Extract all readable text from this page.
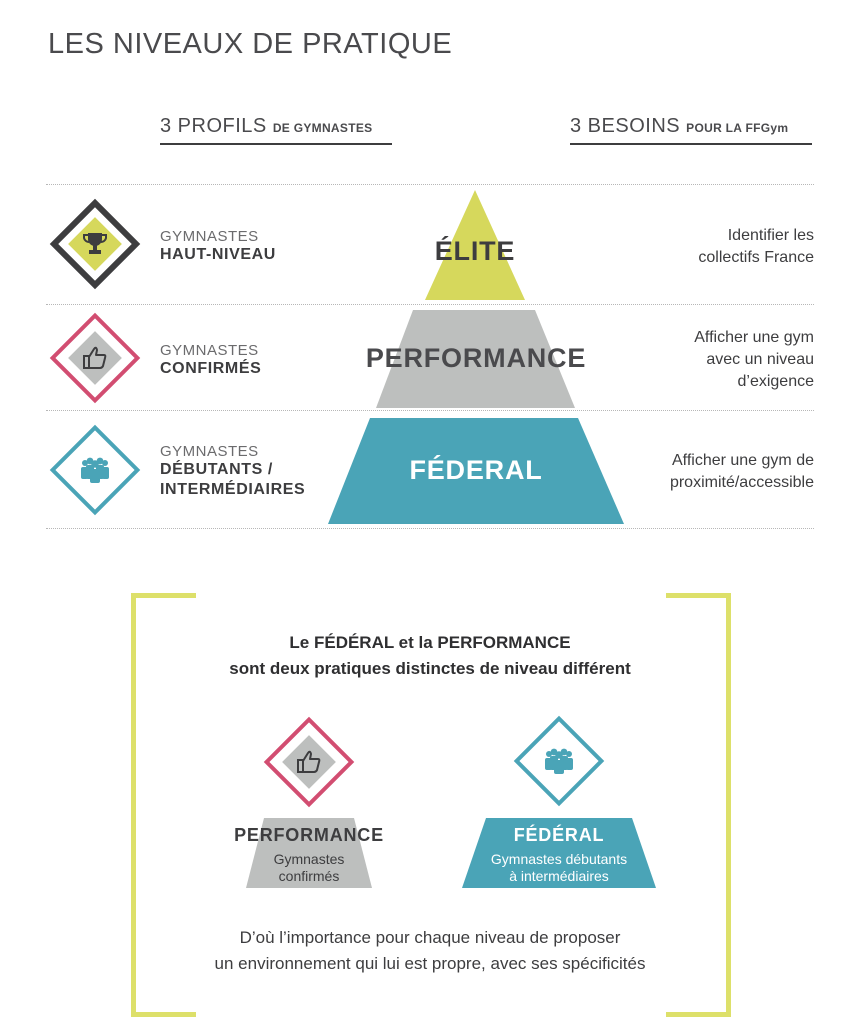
LES NIVEAUX DE PRATIQUE
3 PROFILS DE GYMNASTES	3 BESOINS POUR LA FFGym
GYMNASTES
HAUT-NIVEAU
GYMNASTES
CONFIRMÉS
GYMNASTES
DÉBUTANTS /
INTERMÉDIAIRES
ÉLITE
PERFORMANCE
FÉDERAL
Identifier les
collectifs France
Afficher une gym
avec un niveau
d’exigence
Afficher une gym de
proximité/accessible
Le FÉDÉRAL et la PERFORMANCE
sont deux pratiques distinctes de niveau différent
PERFORMANCE
Gymnastes
confirmés
FÉDÉRAL
Gymnastes débutants
à intermédiaires
D’où l’importance pour chaque niveau de proposer
un environnement qui lui est propre, avec ses spécificités
